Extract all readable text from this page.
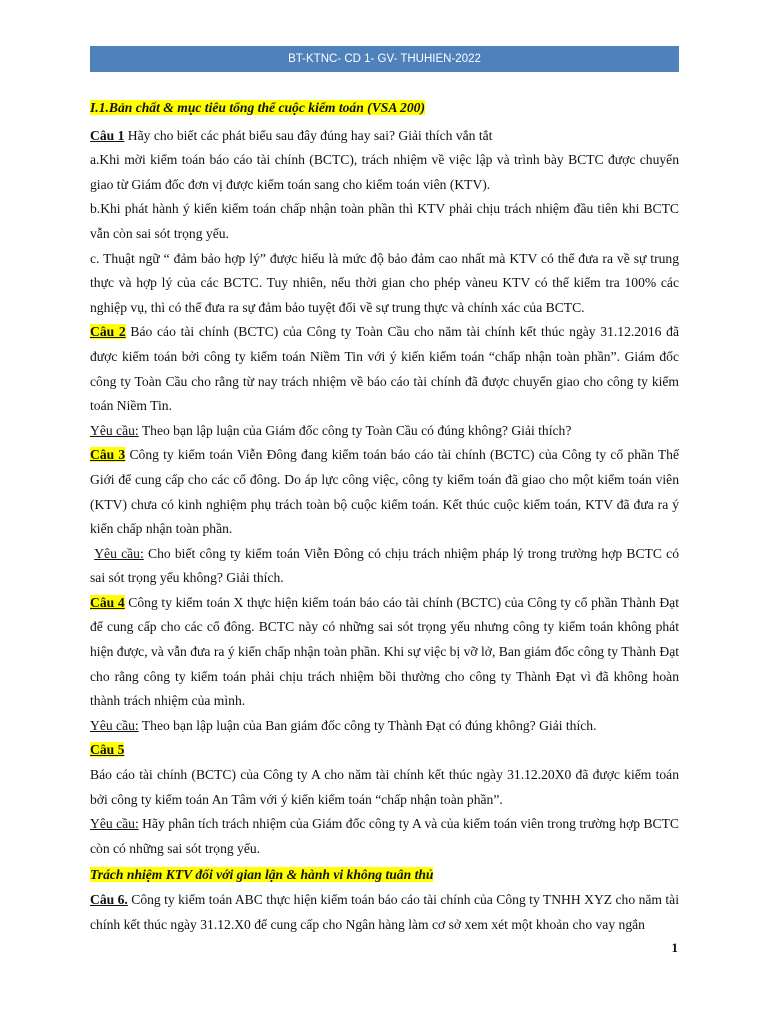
BT-KTNC- CD 1- GV- THUHIEN-2022

I.1.Bản chất & mục tiêu tổng thể cuộc kiểm toán (VSA 200)

Câu 1 Hãy cho biết các phát biểu sau đây đúng hay sai? Giải thích vắn tắt

a.Khi mời kiểm toán báo cáo tài chính (BCTC), trách nhiệm về việc lập và trình bày BCTC được chuyển giao từ Giám đốc đơn vị được kiểm toán sang cho kiểm toán viên (KTV).

b.Khi phát hành ý kiến kiểm toán chấp nhận toàn phần thì KTV phải chịu trách nhiệm đầu tiên khi BCTC vẫn còn sai sót trọng yếu.

c. Thuật ngữ “ đảm bảo hợp lý” được hiểu là mức độ bảo đảm cao nhất mà KTV có thể đưa ra về sự trung thực và hợp lý của các BCTC. Tuy nhiên, nếu thời gian cho phép vàneu KTV có thể kiểm tra 100% các nghiệp vụ, thì có thể đưa ra sự đảm bảo tuyệt đối về sự trung thực và chính xác của BCTC.

Câu 2 Báo cáo tài chính (BCTC) của Công ty Toàn Cầu cho năm tài chính kết thúc ngày 31.12.2016 đã được kiểm toán bởi công ty kiểm toán Niềm Tin với ý kiến kiểm toán “chấp nhận toàn phần”. Giám đốc công ty Toàn Cầu cho rằng từ nay trách nhiệm về báo cáo tài chính đã được chuyển giao cho công ty kiểm toán Niềm Tin.

Yêu cầu: Theo bạn lập luận của Giám đốc công ty Toàn Cầu có đúng không? Giải thích?

Câu 3 Công ty kiểm toán Viễn Đông đang kiểm toán báo cáo tài chính (BCTC) của Công ty cổ phần Thế Giới để cung cấp cho các cổ đông. Do áp lực công việc, công ty kiểm toán đã giao cho một kiểm toán viên (KTV) chưa có kinh nghiệm phụ trách toàn bộ cuộc kiểm toán. Kết thúc cuộc kiểm toán, KTV đã đưa ra ý kiến chấp nhận toàn phần.

Yêu cầu: Cho biết công ty kiểm toán Viễn Đông có chịu trách nhiệm pháp lý trong trường hợp BCTC có sai sót trọng yếu không? Giải thích.

Câu 4 Công ty kiểm toán X thực hiện kiểm toán báo cáo tài chính (BCTC) của Công ty cổ phần Thành Đạt để cung cấp cho các cổ đông. BCTC này có những sai sót trọng yếu nhưng công ty kiểm toán không phát hiện được, và vẫn đưa ra ý kiến chấp nhận toàn phần. Khi sự việc bị vỡ lở, Ban giám đốc công ty Thành Đạt cho rằng công ty kiểm toán phải chịu trách nhiệm bồi thường cho công ty Thành Đạt vì đã không hoàn thành trách nhiệm của mình.

Yêu cầu: Theo bạn lập luận của Ban giám đốc công ty Thành Đạt có đúng không? Giải thích.

Câu 5

Báo cáo tài chính (BCTC) của Công ty A cho năm tài chính kết thúc ngày 31.12.20X0 đã được kiểm toán bởi công ty kiểm toán An Tâm với ý kiến kiểm toán “chấp nhận toàn phần”.

Yêu cầu: Hãy phân tích trách nhiệm của Giám đốc công ty A và của kiểm toán viên trong trường hợp BCTC còn có những sai sót trọng yếu.

Trách nhiệm KTV đối với gian lận & hành vi không tuân thủ

Câu 6. Công ty kiểm toán ABC thực hiện kiểm toán báo cáo tài chính của Công ty TNHH XYZ cho năm tài chính kết thúc ngày 31.12.X0 để cung cấp cho Ngân hàng làm cơ sở xem xét một khoản cho vay ngắn

1
